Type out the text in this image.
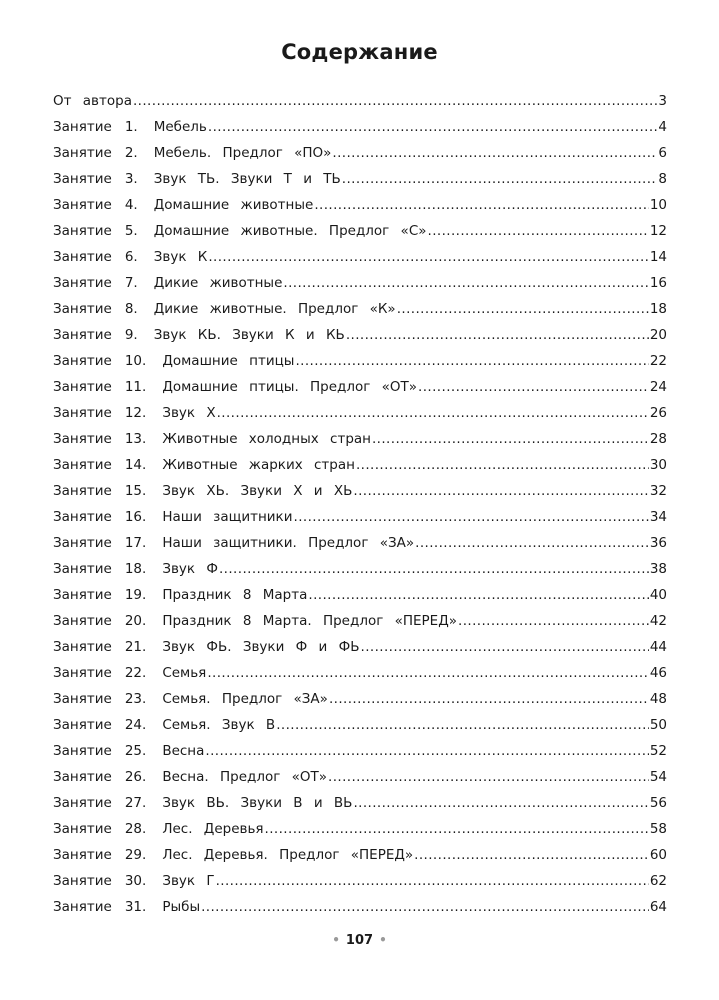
Содержание
От автора .....	3
Занятие 1. Мебель .....	4
Занятие 2. Мебель. Предлог «ПО» .....	6
Занятие 3. Звук ТЬ. Звуки Т и ТЬ .....	8
Занятие 4. Домашние животные .....	10
Занятие 5. Домашние животные. Предлог «С» .....	12
Занятие 6. Звук К .....	14
Занятие 7. Дикие животные .....	16
Занятие 8. Дикие животные. Предлог «К» .....	18
Занятие 9. Звук КЬ. Звуки К и КЬ .....	20
Занятие 10. Домашние птицы .....	22
Занятие 11. Домашние птицы. Предлог «ОТ» .....	24
Занятие 12. Звук Х .....	26
Занятие 13. Животные холодных стран .....	28
Занятие 14. Животные жарких стран .....	30
Занятие 15. Звук ХЬ. Звуки Х и ХЬ .....	32
Занятие 16. Наши защитники .....	34
Занятие 17. Наши защитники. Предлог «ЗА» .....	36
Занятие 18. Звук Ф .....	38
Занятие 19. Праздник 8 Марта .....	40
Занятие 20. Праздник 8 Марта. Предлог «ПЕРЕД» .....	42
Занятие 21. Звук ФЬ. Звуки Ф и ФЬ .....	44
Занятие 22. Семья .....	46
Занятие 23. Семья. Предлог «ЗА» .....	48
Занятие 24. Семья. Звук В .....	50
Занятие 25. Весна .....	52
Занятие 26. Весна. Предлог «ОТ» .....	54
Занятие 27. Звук ВЬ. Звуки В и ВЬ .....	56
Занятие 28. Лес. Деревья .....	58
Занятие 29. Лес. Деревья. Предлог «ПЕРЕД» .....	60
Занятие 30. Звук Г .....	62
Занятие 31. Рыбы .....	64
• 107 •
